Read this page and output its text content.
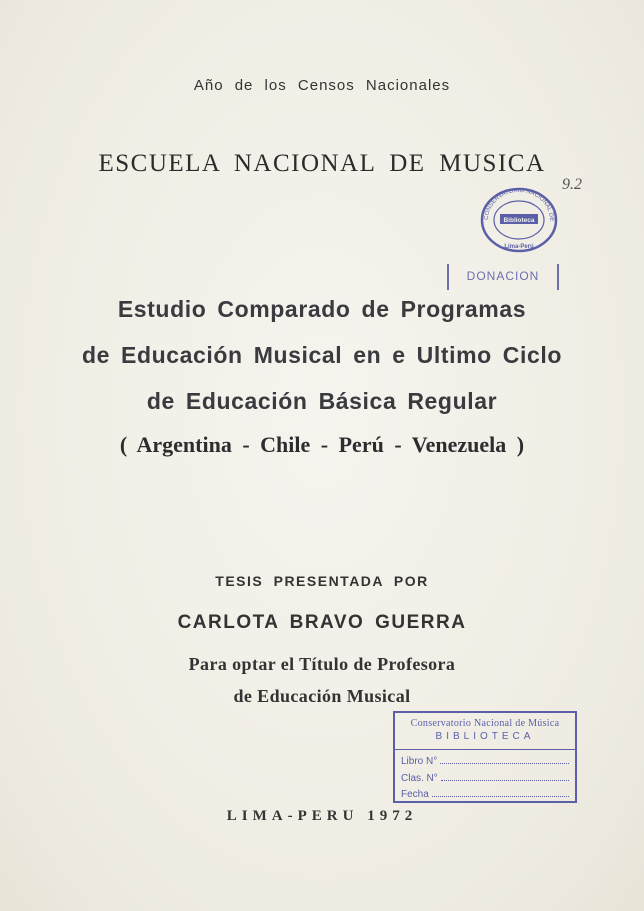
Año de los Censos Nacionales
ESCUELA NACIONAL DE MUSICA
CONSERVATORIO NACIONAL DE
Biblioteca
Lima-Perú
9.2
DONACION
Estudio Comparado de Programas
de Educación Musical en e Ultimo Ciclo
de Educación Básica Regular
( Argentina - Chile - Perú - Venezuela )
TESIS PRESENTADA POR
CARLOTA BRAVO GUERRA
Para optar el Título de Profesora
de Educación Musical
Conservatorio Nacional de Música
BIBLIOTECA
Libro N°
Clas. N°
Fecha
LIMA-PERU 1972
